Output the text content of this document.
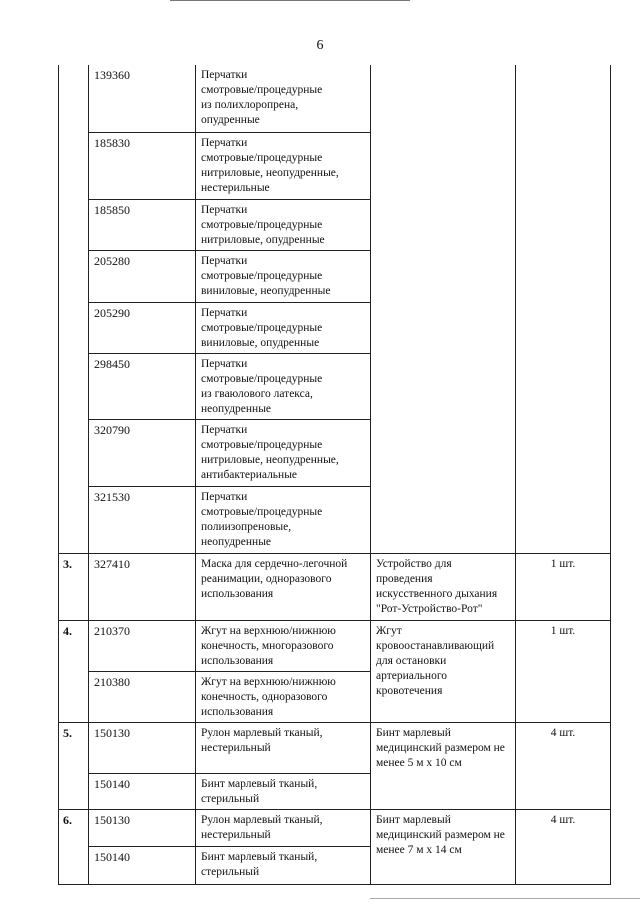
6
	139360	Перчатки
смотровые/процедурные
из полихлоропрена,
опудренные		
	185830	Перчатки
смотровые/процедурные
нитриловые, неопудренные,
нестерильные		
	185850	Перчатки
смотровые/процедурные
нитриловые, опудренные		
	205280	Перчатки
смотровые/процедурные
виниловые, неопудренные		
	205290	Перчатки
смотровые/процедурные
виниловые, опудренные		
	298450	Перчатки
смотровые/процедурные
из гваюлового латекса,
неопудренные		
	320790	Перчатки
смотровые/процедурные
нитриловые, неопудренные,
антибактериальные		
	321530	Перчатки
смотровые/процедурные
полиизопреновые,
неопудренные		
3.	327410	Маска для сердечно-легочной
реанимации, одноразового
использования	Устройство для
проведения
искусственного дыхания
"Рот-Устройство-Рот"	1 шт.
4.	210370	Жгут на верхнюю/нижнюю
конечность, многоразового
использования	Жгут
кровоостанавливающий
для остановки
артериального
кровотечения	1 шт.
	210380	Жгут на верхнюю/нижнюю
конечность, одноразового
использования		
5.	150130	Рулон марлевый тканый,
нестерильный	Бинт марлевый
медицинский размером не
менее 5 м х 10 см	4 шт.
	150140	Бинт марлевый тканый,
стерильный		
6.	150130	Рулон марлевый тканый,
нестерильный	Бинт марлевый
медицинский размером не
менее 7 м х 14 см	4 шт.
	150140	Бинт марлевый тканый,
стерильный		
